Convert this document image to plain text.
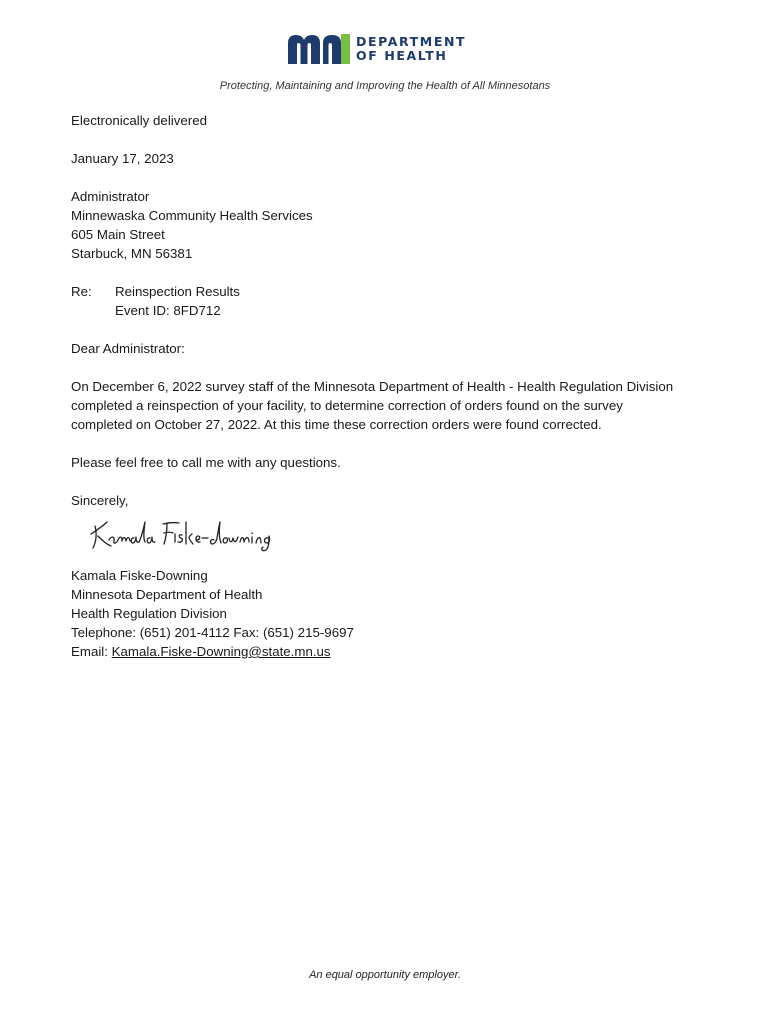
DEPARTMENT
OF HEALTH
Protecting, Maintaining and Improving the Health of All Minnesotans
Electronically delivered
January 17, 2023
Administrator
Minnewaska Community Health Services
605 Main Street
Starbuck, MN 56381
Re:	Reinspection Results
Event ID: 8FD712
Dear Administrator:
On December 6, 2022 survey staff of the Minnesota Department of Health - Health Regulation Division
completed a reinspection of your facility, to determine correction of orders found on the survey
completed on October 27, 2022. At this time these correction orders were found corrected.
Please feel free to call me with any questions.
Sincerely,
Kamala Fiske-Downing
Minnesota Department of Health
Health Regulation Division
Telephone: (651) 201-4112 Fax: (651) 215-9697
Email: Kamala.Fiske-Downing@state.mn.us
An equal opportunity employer.
